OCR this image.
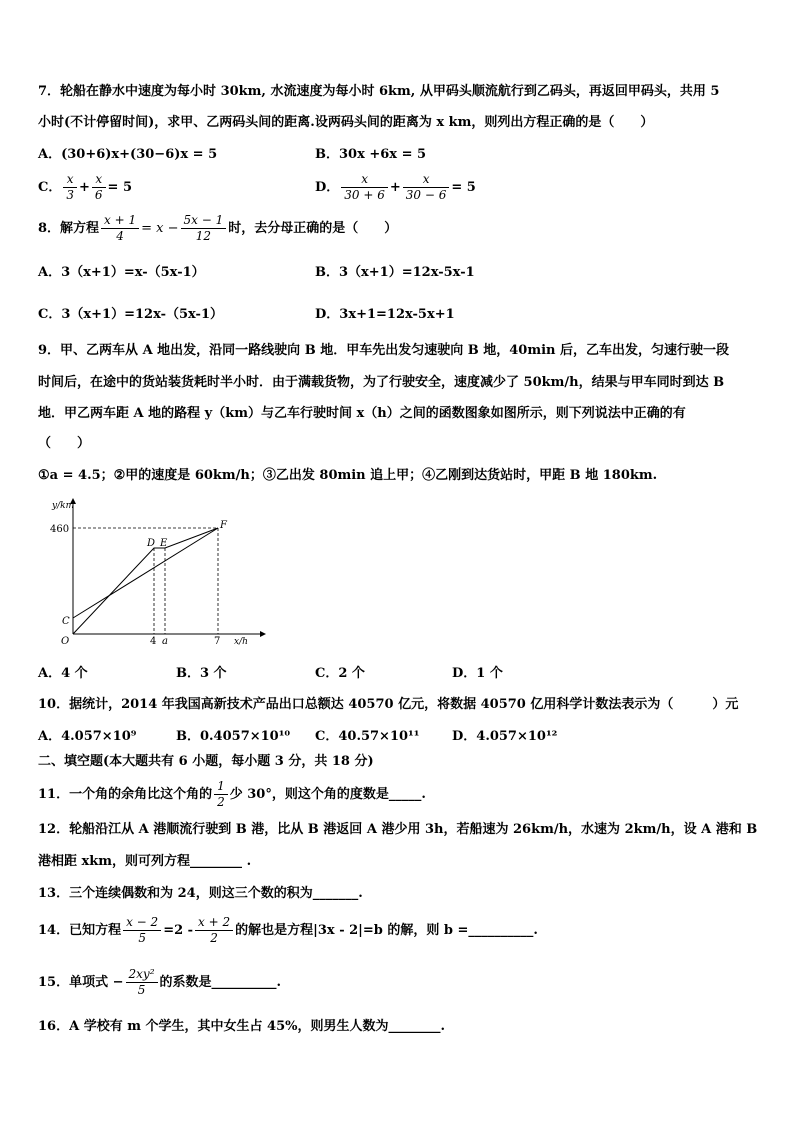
7．轮船在静水中速度为每小时 30km, 水流速度为每小时 6km, 从甲码头顺流航行到乙码头，再返回甲码头，共用 5
小时(不计停留时间)，求甲、乙两码头间的距离.设两码头间的距离为 x km，则列出方程正确的是（　　）
A．(30+6)x+(30−6)x = 5	B．30x +6x = 5
C． $\frac{x}{3} + \frac{x}{6} = 5$	D． $\frac{x}{30 + 6} + \frac{x}{30 - 6} = 5$
8．解方程 $\frac{x + 1}{4} = x - \frac{5x - 1}{12}$ 时，去分母正确的是（　　）
A．3（x+1）=x-（5x-1）	B．3（x+1）=12x-5x-1
C．3（x+1）=12x-（5x-1）	D．3x+1=12x-5x+1
9．甲、乙两车从 A 地出发，沿同一路线驶向 B 地．甲车先出发匀速驶向 B 地，40min 后，乙车出发，匀速行驶一段
时间后，在途中的货站装货耗时半小时．由于满载货物，为了行驶安全，速度减少了 50km/h，结果与甲车同时到达 B
地．甲乙两车距 A 地的路程 y（km）与乙车行驶时间 x（h）之间的函数图象如图所示，则下列说法中正确的有
（　　）
①a = 4.5；②甲的速度是 60km/h；③乙出发 80min 追上甲；④乙刚到达货站时，甲距 B 地 180km.
y/km
x/h
460
4 a	7
O
C
D E
F
A．4 个	B．3 个	C．2 个	D．1 个
10．据统计，2014 年我国高新技术产品出口总额达 40570 亿元，将数据 40570 亿用科学计数法表示为（　　　）元
A．4.057×10⁹	B．0.4057×10¹⁰ C．40.57×10¹¹	D．4.057×10¹²
二、填空题(本大题共有 6 小题，每小题 3 分，共 18 分)
11．一个角的余角比这个角的 $\frac{1}{2}$ 少 30°，则这个角的度数是_____.
12．轮船沿江从 A 港顺流行驶到 B 港，比从 B 港返回 A 港少用 3h，若船速为 26km/h，水速为 2km/h，设 A 港和 B
港相距 xkm，则可列方程________ .
13．三个连续偶数和为 24，则这三个数的积为_______.
14．已知方程 $\frac{x - 2}{5} =2 - \frac{x + 2}{2}$ 的解也是方程|3x - 2|=b 的解，则 b =__________.
15．单项式 − $\frac{\text{2xy²}}{5}$ 的系数是__________.
16．A 学校有 m 个学生，其中女生占 45%，则男生人数为________.
